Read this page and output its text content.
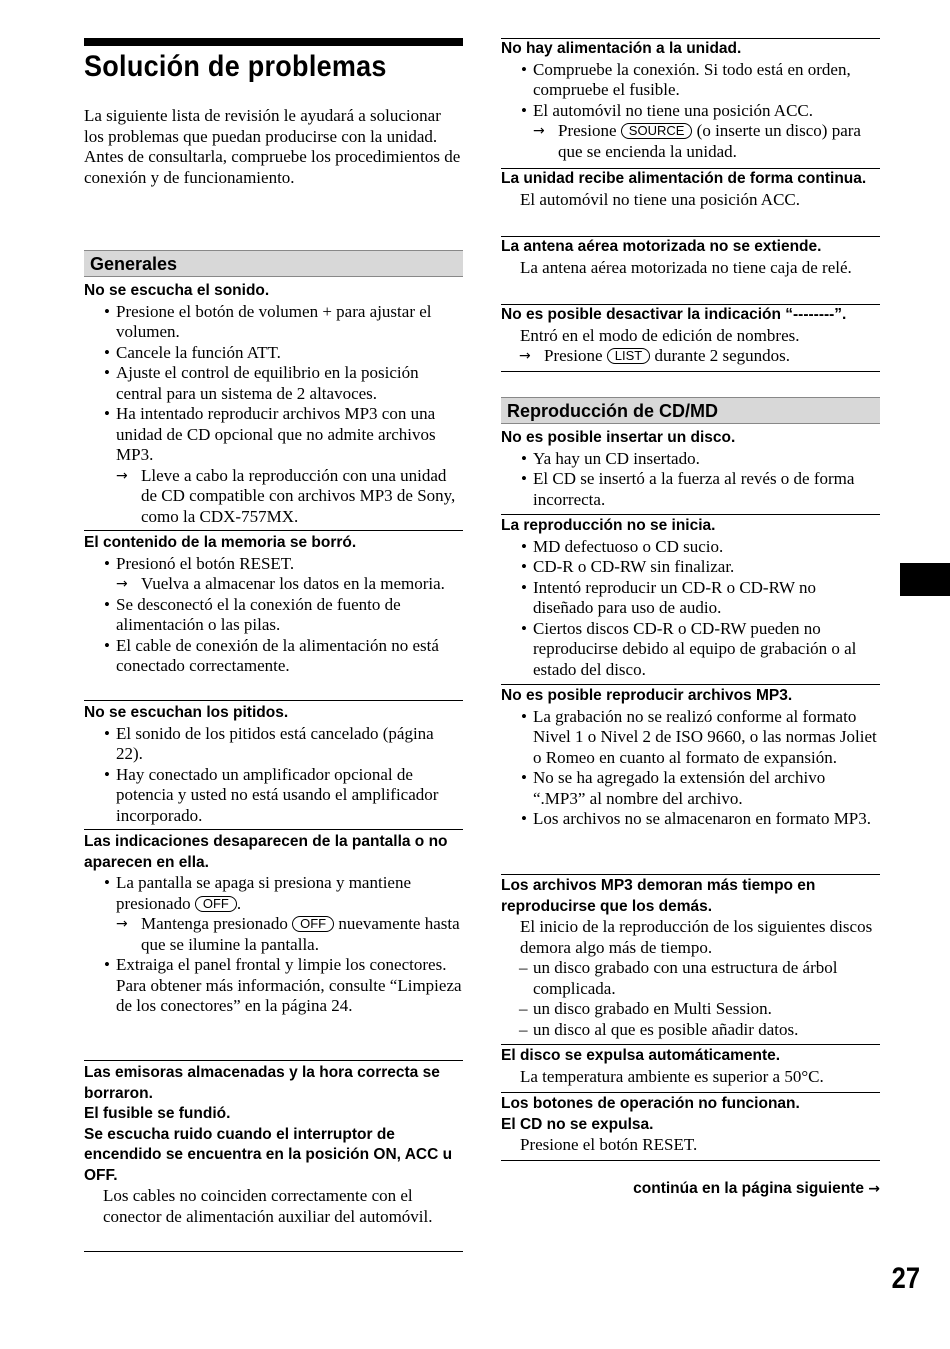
Solución de problemas
La siguiente lista de revisión le ayudará a solucionar los problemas que puedan producirse con la unidad. Antes de consultarla, compruebe los procedimientos de conexión y de funcionamiento.
Generales
No se escucha el sonido.
• Presione el botón de volumen + para ajustar el volumen.
• Cancele la función ATT.
• Ajuste el control de equilibrio en la posición central para un sistema de 2 altavoces.
• Ha intentado reproducir archivos MP3 con una unidad de CD opcional que no admite archivos MP3.
→ Lleve a cabo la reproducción con una unidad de CD compatible con archivos MP3 de Sony, como la CDX-757MX.
El contenido de la memoria se borró.
• Presionó el botón RESET.
→ Vuelva a almacenar los datos en la memoria.
• Se desconectó el la conexión de fuento de alimentación o las pilas.
• El cable de conexión de la alimentación no está conectado correctamente.
No se escuchan los pitidos.
• El sonido de los pitidos está cancelado (página 22).
• Hay conectado un amplificador opcional de potencia y usted no está usando el amplificador incorporado.
Las indicaciones desaparecen de la pantalla o no aparecen en ella.
• La pantalla se apaga si presiona y mantiene presionado OFF .
→ Mantenga presionado OFF nuevamente hasta que se ilumine la pantalla.
• Extraiga el panel frontal y limpie los conectores. Para obtener más información, consulte “Limpieza de los conectores” en la página 24.
Las emisoras almacenadas y la hora correcta se borraron.
El fusible se fundió.
Se escucha ruido cuando el interruptor de encendido se encuentra en la posición ON, ACC u OFF.
Los cables no coinciden correctamente con el conector de alimentación auxiliar del automóvil.
No hay alimentación a la unidad.
• Compruebe la conexión. Si todo está en orden, compruebe el fusible.
• El automóvil no tiene una posición ACC.
→ Presione SOURCE (o inserte un disco) para que se encienda la unidad.
La unidad recibe alimentación de forma continua.
El automóvil no tiene una posición ACC.
La antena aérea motorizada no se extiende.
La antena aérea motorizada no tiene caja de relé.
No es posible desactivar la indicación “--------”.
Entró en el modo de edición de nombres.
→ Presione LIST durante 2 segundos.
Reproducción de CD/MD
No es posible insertar un disco.
• Ya hay un CD insertado.
• El CD se insertó a la fuerza al revés o de forma incorrecta.
La reproducción no se inicia.
• MD defectuoso o CD sucio.
• CD-R o CD-RW sin finalizar.
• Intentó reproducir un CD-R o CD-RW no diseñado para uso de audio.
• Ciertos discos CD-R o CD-RW pueden no reproducirse debido al equipo de grabación o al estado del disco.
No es posible reproducir archivos MP3.
• La grabación no se realizó conforme al formato Nivel 1 o Nivel 2 de ISO 9660, o las normas Joliet o Romeo en cuanto al formato de expansión.
• No se ha agregado la extensión del archivo “.MP3” al nombre del archivo.
• Los archivos no se almacenaron en formato MP3.
Los archivos MP3 demoran más tiempo en reproducirse que los demás.
El inicio de la reproducción de los siguientes discos demora algo más de tiempo.
– un disco grabado con una estructura de árbol complicada.
– un disco grabado en Multi Session.
– un disco al que es posible añadir datos.
El disco se expulsa automáticamente.
La temperatura ambiente es superior a 50°C.
Los botones de operación no funcionan.
El CD no se expulsa.
Presione el botón RESET.
continúa en la página siguiente →
27
